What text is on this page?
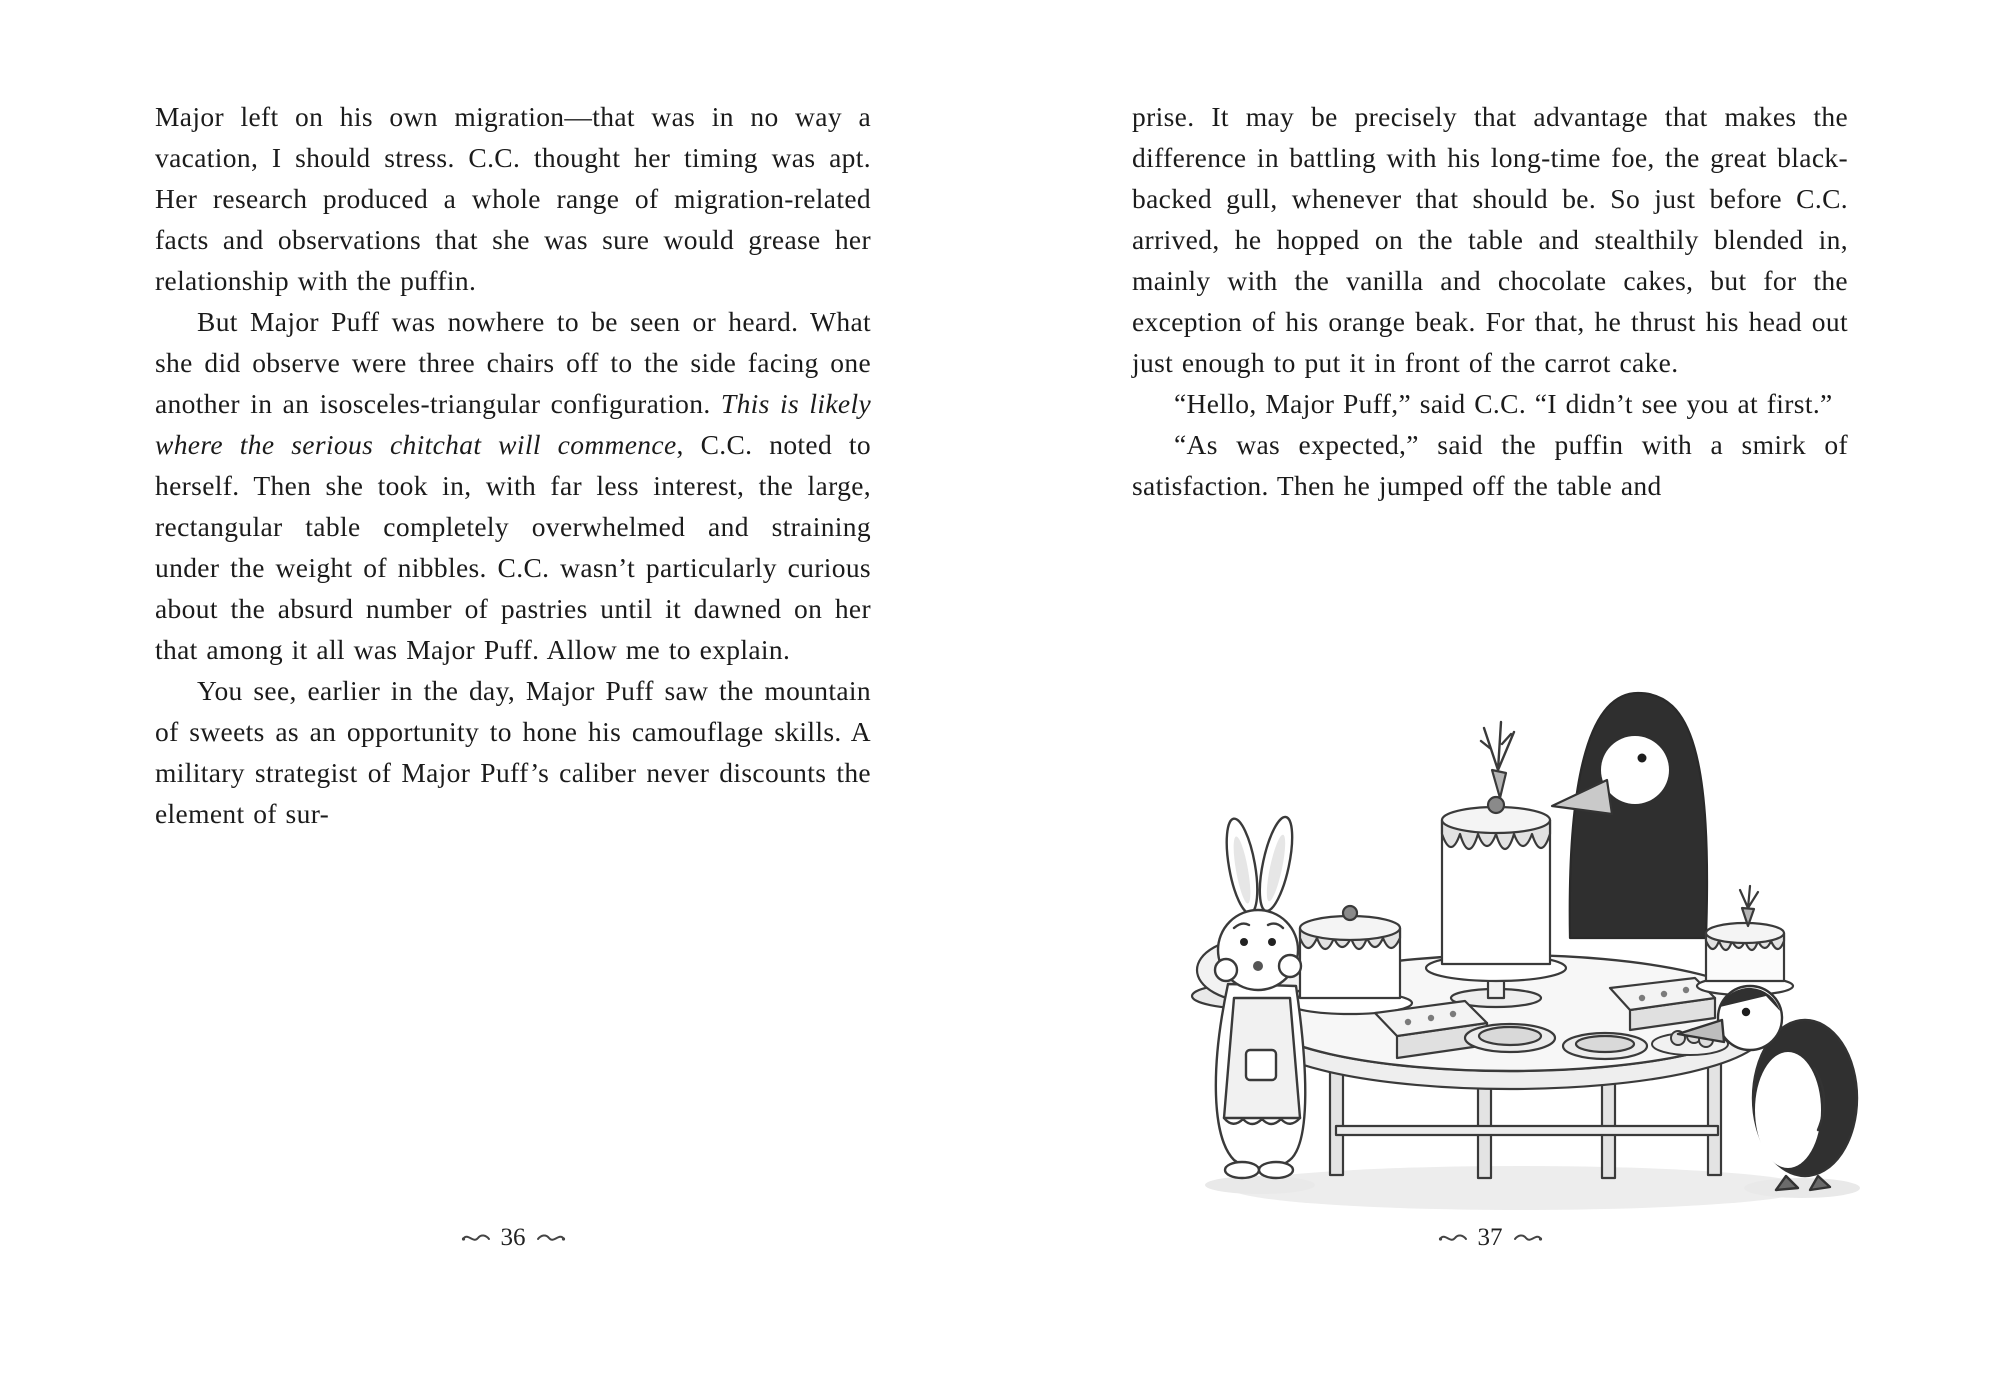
Major left on his own migration—that was in no way a vacation, I should stress. C.C. thought her timing was apt. Her research produced a whole range of migration-related facts and observations that she was sure would grease her relationship with the puffin.

But Major Puff was nowhere to be seen or heard. What she did observe were three chairs off to the side facing one another in an isosceles-triangular configuration. This is likely where the serious chitchat will commence, C.C. noted to herself. Then she took in, with far less interest, the large, rectangular table completely overwhelmed and straining under the weight of nibbles. C.C. wasn’t particularly curious about the absurd number of pastries until it dawned on her that among it all was Major Puff. Allow me to explain.

You see, earlier in the day, Major Puff saw the mountain of sweets as an opportunity to hone his camouflage skills. A military strategist of Major Puff’s caliber never discounts the element of sur-

prise. It may be precisely that advantage that makes the difference in battling with his long-time foe, the great black-backed gull, whenever that should be. So just before C.C. arrived, he hopped on the table and stealthily blended in, mainly with the vanilla and chocolate cakes, but for the exception of his orange beak. For that, he thrust his head out just enough to put it in front of the carrot cake.

“Hello, Major Puff,” said C.C. “I didn’t see you at first.”

“As was expected,” said the puffin with a smirk of satisfaction. Then he jumped off the table and

36	37
